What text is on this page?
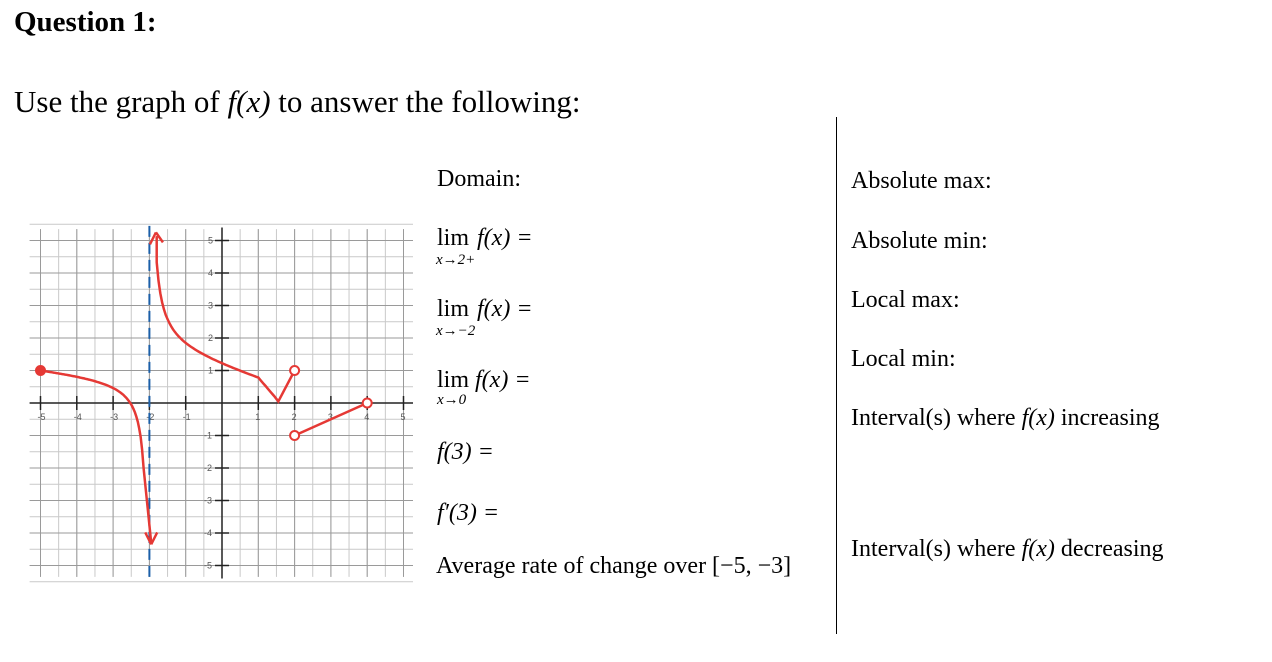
Question 1:
Use the graph of f(x) to answer the following:
-5	-4	-3	-2	-1	1	2	3	4	5
5
4
3
2
1
-1
-2
-3
-4
-5
Domain:
lim f(x) =
x→2+
lim f(x) =
x→−2
lim f(x) =
x→0
f(3) =
f′(3) =
Average rate of change over [−5, −3]
Absolute max:
Absolute min:
Local max:
Local min:
Interval(s) where f(x) increasing
Interval(s) where f(x) decreasing
